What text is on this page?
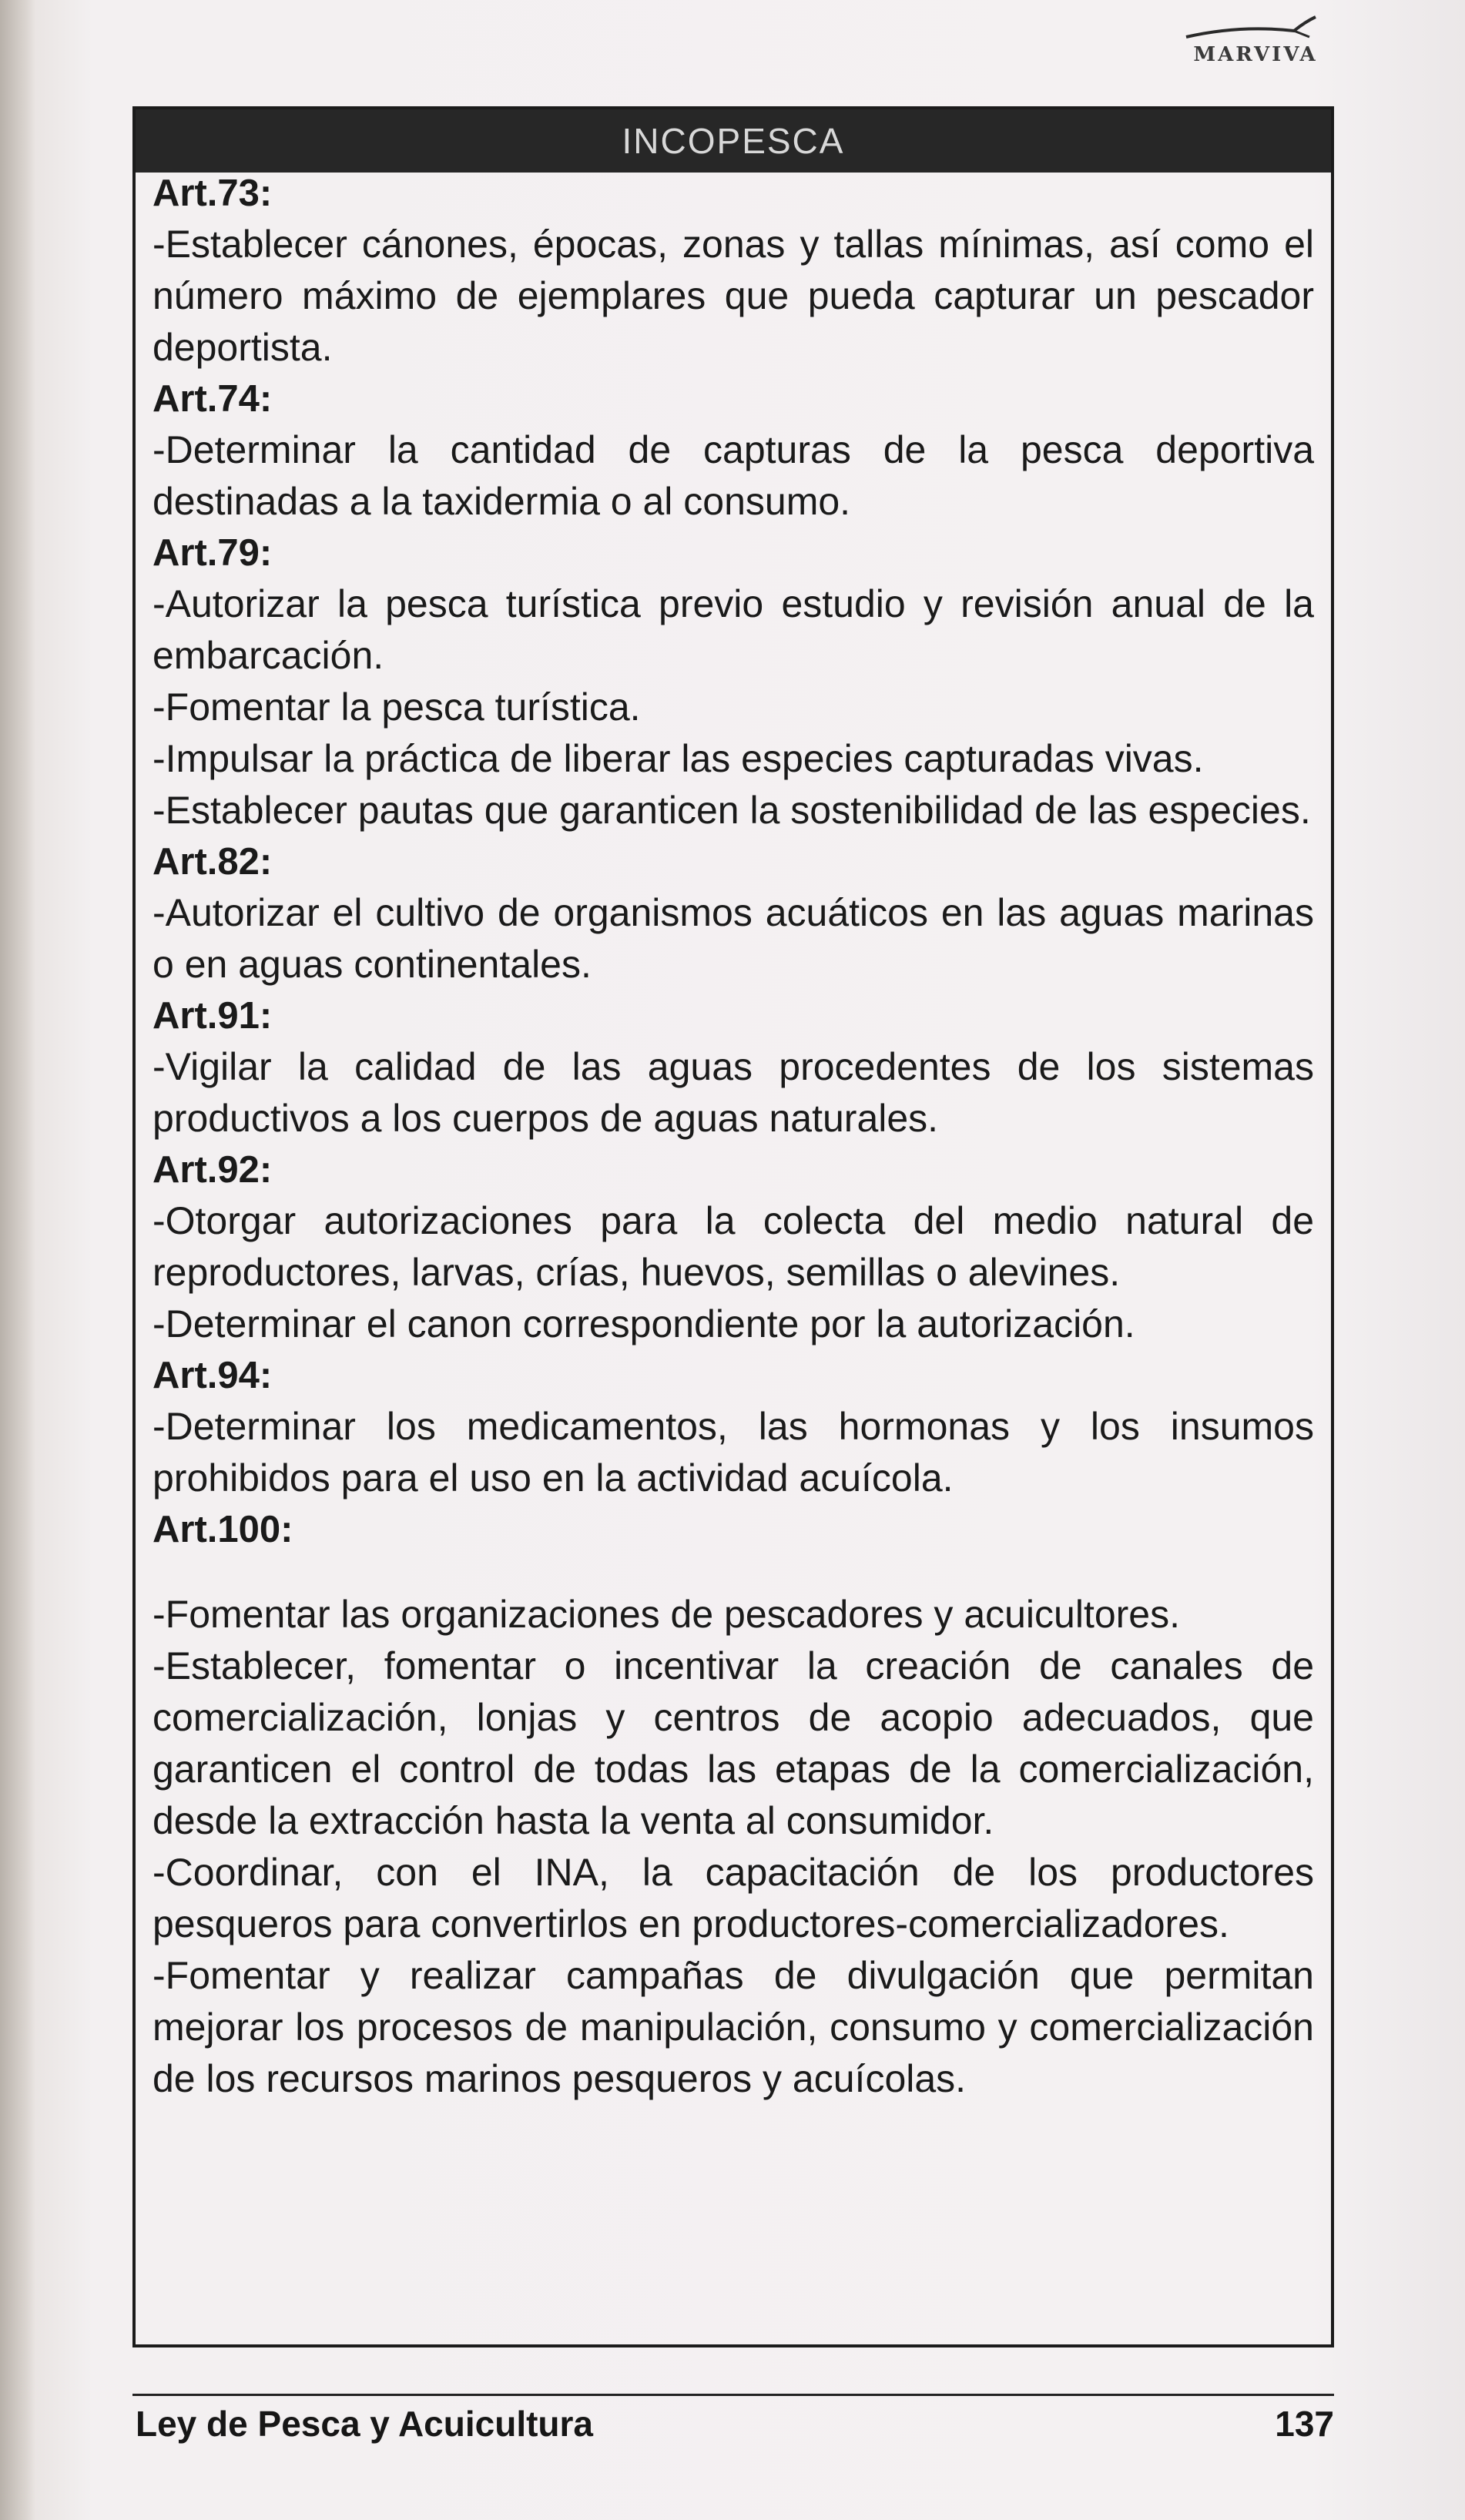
MARVIVA
INCOPESCA
Art.73:
-Establecer cánones, épocas, zonas y tallas mínimas, así como el número máximo de ejemplares que pueda capturar un pescador deportista.
Art.74:
-Determinar la cantidad de capturas de la pesca deportiva destinadas a la taxidermia o al consumo.
Art.79:
-Autorizar la pesca turística previo estudio y revisión anual de la embarcación.
-Fomentar la pesca turística.
-Impulsar la práctica de liberar las especies capturadas vivas.
-Establecer pautas que garanticen la sostenibilidad de las especies.
Art.82:
-Autorizar el cultivo de organismos acuáticos en las aguas marinas o en aguas continentales.
Art.91:
-Vigilar la calidad de las aguas procedentes de los sistemas productivos a los cuerpos de aguas naturales.
Art.92:
-Otorgar autorizaciones para la colecta del medio natural de reproductores, larvas, crías, huevos, semillas o alevines.
-Determinar el canon correspondiente por la autorización.
Art.94:
-Determinar los medicamentos, las hormonas y los insumos prohibidos para el uso en la actividad acuícola.
Art.100:
-Fomentar las organizaciones de pescadores y acuicultores.
-Establecer, fomentar o incentivar la creación de canales de comercialización, lonjas y centros de acopio adecuados, que garanticen el control de todas las etapas de la comercialización, desde la extracción hasta la venta al consumidor.
-Coordinar, con el INA, la capacitación de los productores pesqueros para convertirlos en productores-comercializadores.
-Fomentar y realizar campañas de divulgación que permitan mejorar los procesos de manipulación, consumo y comercialización de los recursos marinos pesqueros y acuícolas.
Ley de Pesca y Acuicultura	137
